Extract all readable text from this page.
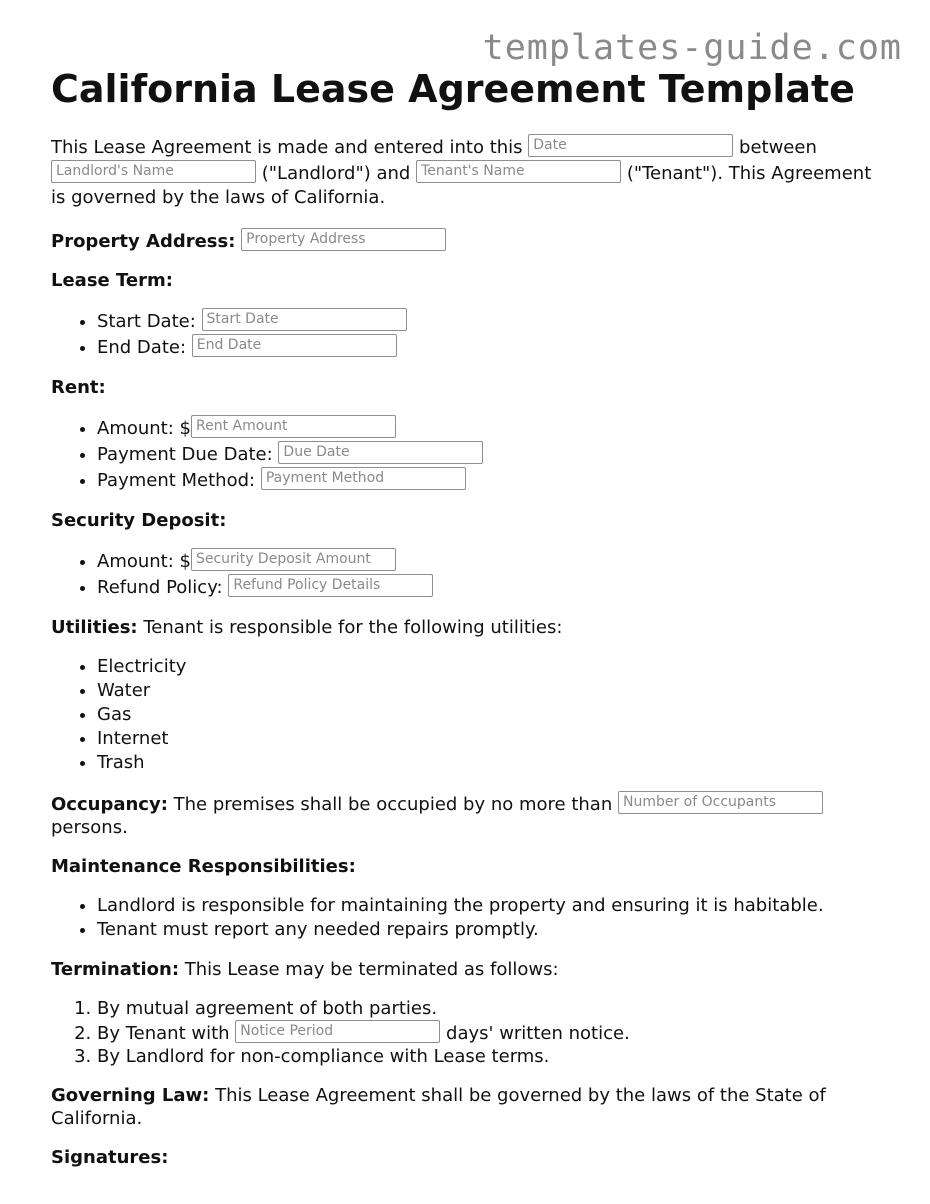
templates-guide.com
California Lease Agreement Template

This Lease Agreement is made and entered into this Date	between Landlord's Name	("Landlord") and Tenant's Name	("Tenant"). This Agreement is governed by the laws of California.

Property Address: Property Address

Lease Term:

• Start Date: Start Date
• End Date: End Date

Rent:

• Amount: $ Rent Amount
• Payment Due Date: Due Date
• Payment Method: Payment Method

Security Deposit:

• Amount: $ Security Deposit Amount
• Refund Policy: Refund Policy Details

Utilities: Tenant is responsible for the following utilities:

• Electricity
• Water
• Gas
• Internet
• Trash

Occupancy: The premises shall be occupied by no more than Number of Occupants persons.

Maintenance Responsibilities:

• Landlord is responsible for maintaining the property and ensuring it is habitable.
• Tenant must report any needed repairs promptly.

Termination: This Lease may be terminated as follows:

1. By mutual agreement of both parties.
2. By Tenant with Notice Period	days' written notice.
3. By Landlord for non-compliance with Lease terms.

Governing Law: This Lease Agreement shall be governed by the laws of the State of California.

Signatures:
